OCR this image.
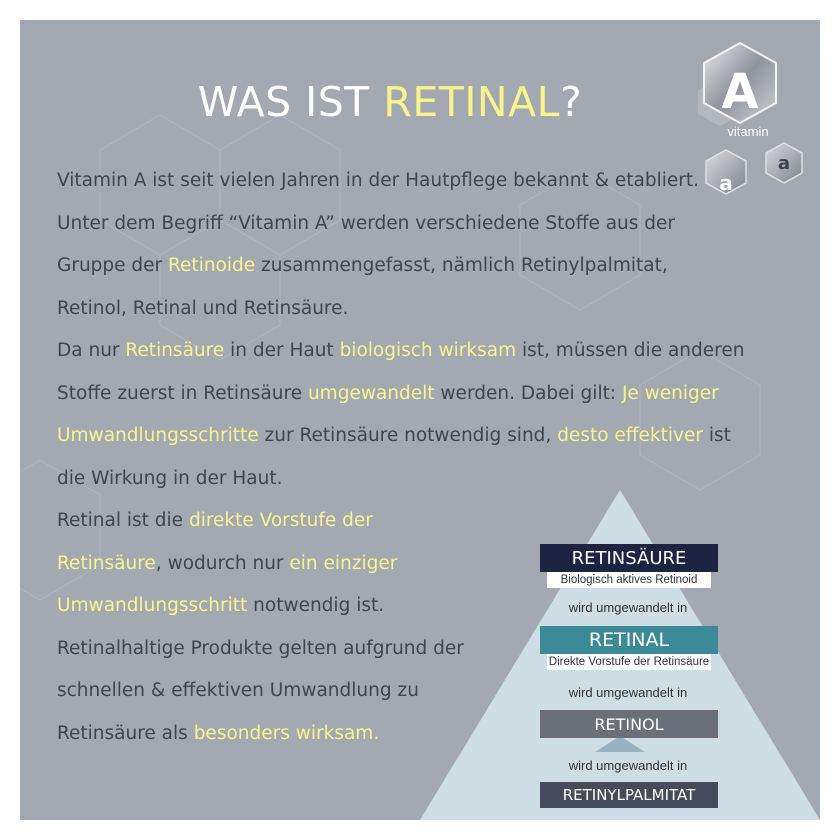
WAS IST RETINAL?	A
vitamin
a
a
Vitamin A ist seit vielen Jahren in der Hautpflege bekannt & etabliert.
Unter dem Begriff “Vitamin A” werden verschiedene Stoffe aus der
Gruppe der Retinoide zusammengefasst, nämlich Retinylpalmitat,
Retinol, Retinal und Retinsäure.
Da nur Retinsäure in der Haut biologisch wirksam ist, müssen die anderen
Stoffe zuerst in Retinsäure umgewandelt werden. Dabei gilt: Je weniger
Umwandlungsschritte zur Retinsäure notwendig sind, desto effektiver ist
die Wirkung in der Haut.
Retinal ist die direkte Vorstufe der
Retinsäure, wodurch nur ein einziger
Umwandlungsschritt notwendig ist.
Retinalhaltige Produkte gelten aufgrund der
schnellen & effektiven Umwandlung zu
Retinsäure als besonders wirksam.
RETINSÄURE
Biologisch aktives Retinoid
wird umgewandelt in
RETINAL
Direkte Vorstufe der Retinsäure
wird umgewandelt in
RETINOL
wird umgewandelt in
RETINYLPALMITAT
